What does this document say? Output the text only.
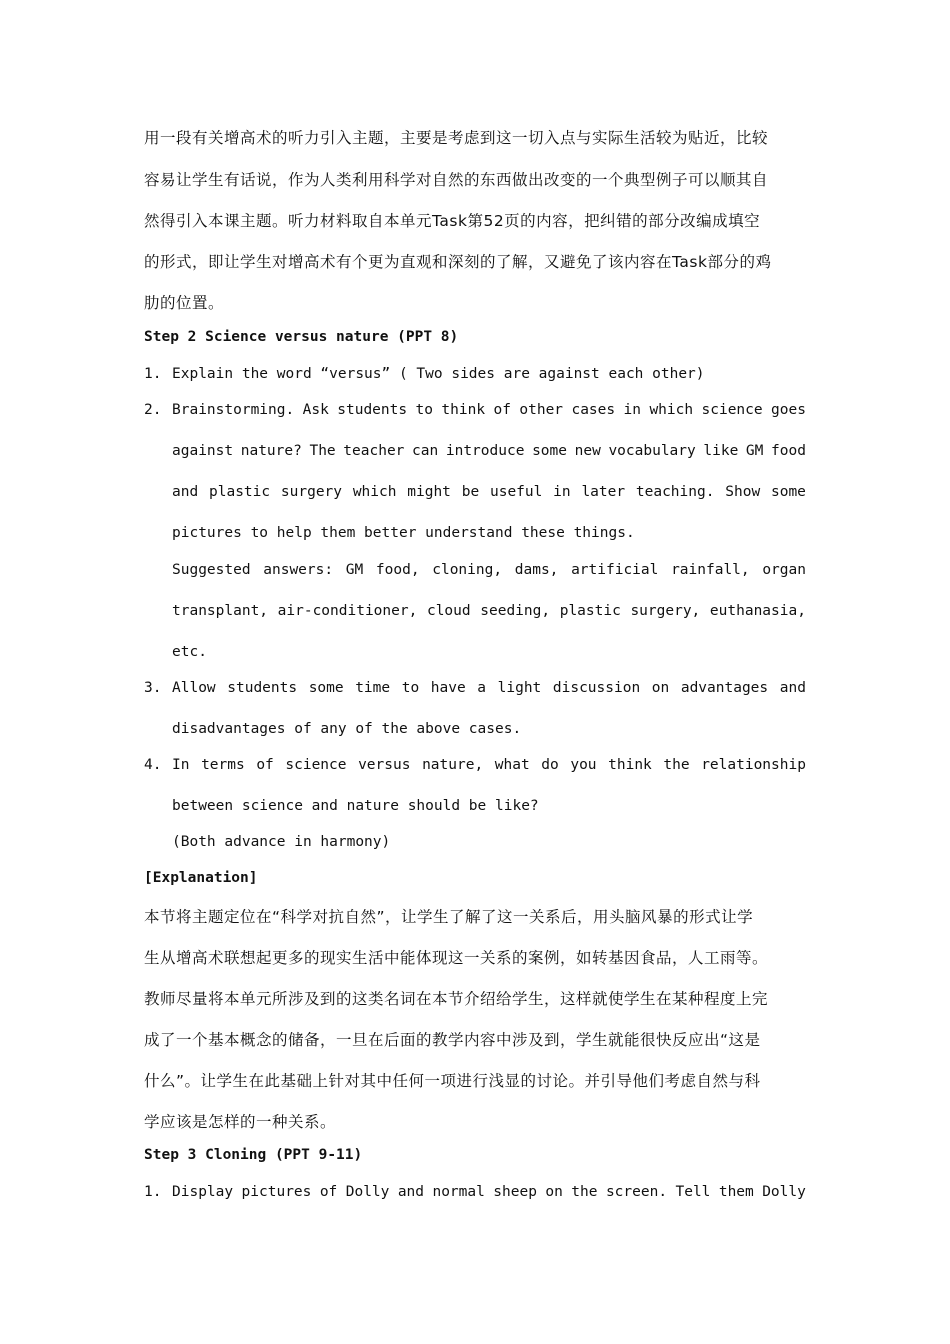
用一段有关增高术的听力引入主题，主要是考虑到这一切入点与实际生活较为贴近，比较
容易让学生有话说，作为人类利用科学对自然的东西做出改变的一个典型例子可以顺其自
然得引入本课主题。听力材料取自本单元Task第52页的内容，把纠错的部分改编成填空
的形式，即让学生对增高术有个更为直观和深刻的了解，又避免了该内容在Task部分的鸡
肋的位置。
Step 2 Science versus nature (PPT 8)
1. Explain the word “versus” ( Two sides are against each other)
2. Brainstorming. Ask students to think of other cases in which science goes
against nature? The teacher can introduce some new vocabulary like GM food
and plastic surgery which might be useful in later teaching. Show some
pictures to help them better understand these things.
Suggested answers: GM food, cloning, dams, artificial rainfall, organ
transplant, air-conditioner, cloud seeding, plastic surgery, euthanasia,
etc.
3. Allow students some time to have a light discussion on advantages and
disadvantages of any of the above cases.
4. In terms of science versus nature, what do you think the relationship
between science and nature should be like?
(Both advance in harmony)
[Explanation]
本节将主题定位在“科学对抗自然”，让学生了解了这一关系后，用头脑风暴的形式让学
生从增高术联想起更多的现实生活中能体现这一关系的案例，如转基因食品，人工雨等。
教师尽量将本单元所涉及到的这类名词在本节介绍给学生，这样就使学生在某种程度上完
成了一个基本概念的储备，一旦在后面的教学内容中涉及到，学生就能很快反应出“这是
什么”。让学生在此基础上针对其中任何一项进行浅显的讨论。并引导他们考虑自然与科
学应该是怎样的一种关系。
Step 3 Cloning (PPT 9-11)
1. Display pictures of Dolly and normal sheep on the screen. Tell them Dolly
